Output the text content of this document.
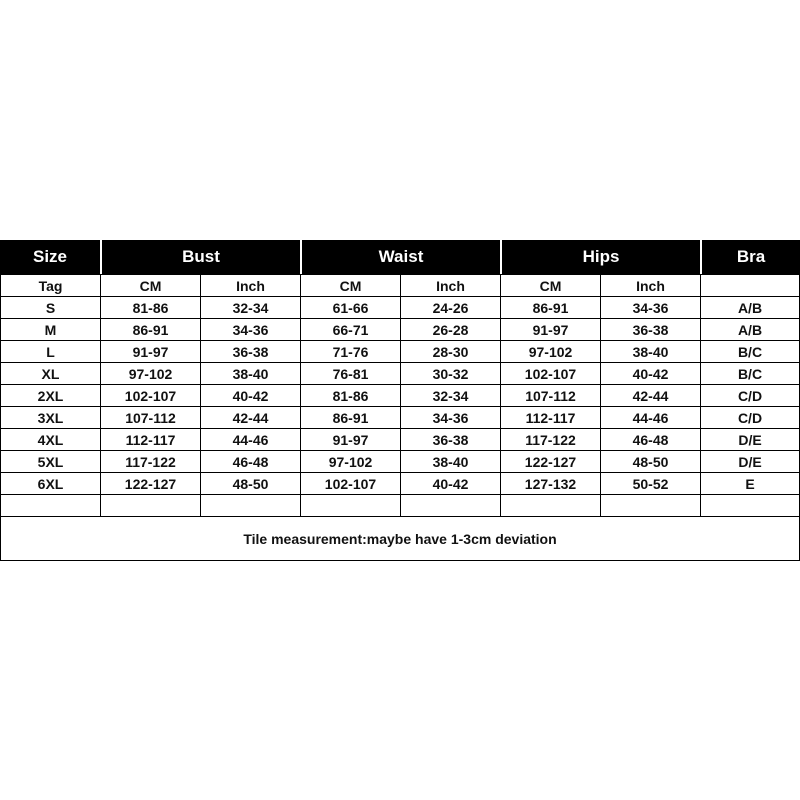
Size	Bust	Waist	Hips	Bra
Tag	CM	Inch	CM	Inch	CM	Inch
S	81-86	32-34	61-66	24-26	86-91	34-36	A/B
M	86-91	34-36	66-71	26-28	91-97	36-38	A/B
L	91-97	36-38	71-76	28-30	97-102	38-40	B/C
XL	97-102	38-40	76-81	30-32	102-107	40-42	B/C
2XL	102-107	40-42	81-86	32-34	107-112	42-44	C/D
3XL	107-112	42-44	86-91	34-36	112-117	44-46	C/D
4XL	112-117	44-46	91-97	36-38	117-122	46-48	D/E
5XL	117-122	46-48	97-102	38-40	122-127	48-50	D/E
6XL	122-127	48-50	102-107	40-42	127-132	50-52	E
Tile measurement:maybe have 1-3cm deviation
